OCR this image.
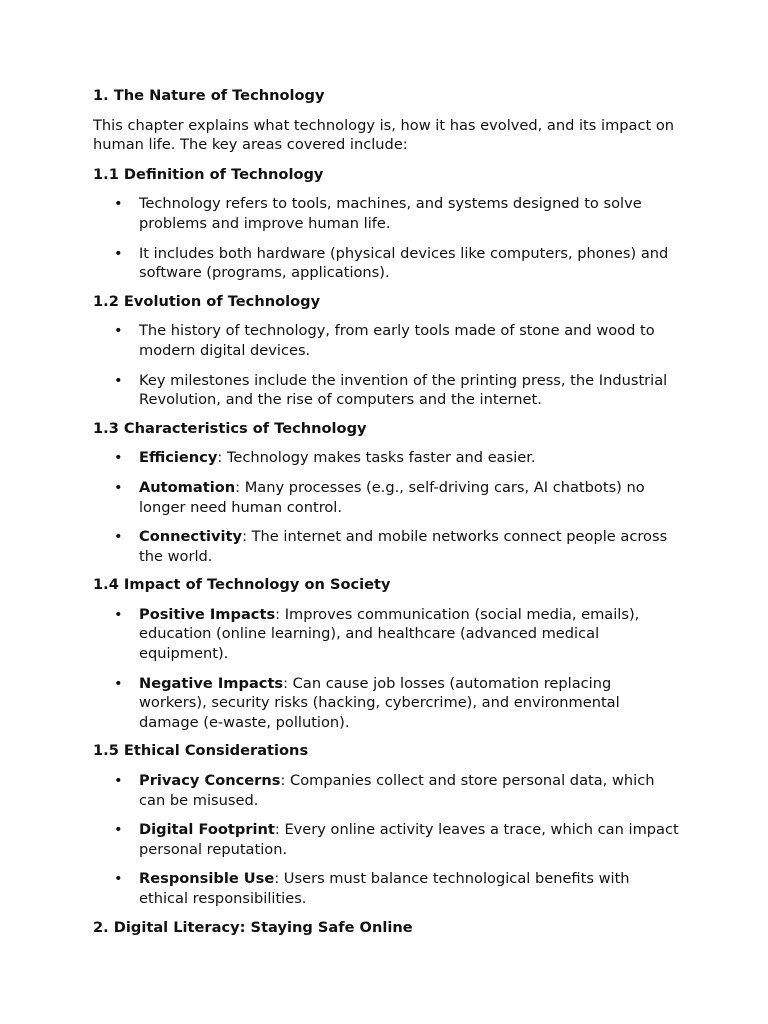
1. The Nature of Technology

This chapter explains what technology is, how it has evolved, and its impact on human life. The key areas covered include:

1.1 Definition of Technology
• Technology refers to tools, machines, and systems designed to solve problems and improve human life.
• It includes both hardware (physical devices like computers, phones) and software (programs, applications).
1.2 Evolution of Technology
• The history of technology, from early tools made of stone and wood to modern digital devices.
• Key milestones include the invention of the printing press, the Industrial Revolution, and the rise of computers and the internet.
1.3 Characteristics of Technology
• Efficiency: Technology makes tasks faster and easier.
• Automation: Many processes (e.g., self-driving cars, AI chatbots) no longer need human control.
• Connectivity: The internet and mobile networks connect people across the world.
1.4 Impact of Technology on Society
• Positive Impacts: Improves communication (social media, emails), education (online learning), and healthcare (advanced medical equipment).
• Negative Impacts: Can cause job losses (automation replacing workers), security risks (hacking, cybercrime), and environmental damage (e-waste, pollution).
1.5 Ethical Considerations
• Privacy Concerns: Companies collect and store personal data, which can be misused.
• Digital Footprint: Every online activity leaves a trace, which can impact personal reputation.
• Responsible Use: Users must balance technological benefits with ethical responsibilities.
2. Digital Literacy: Staying Safe Online
